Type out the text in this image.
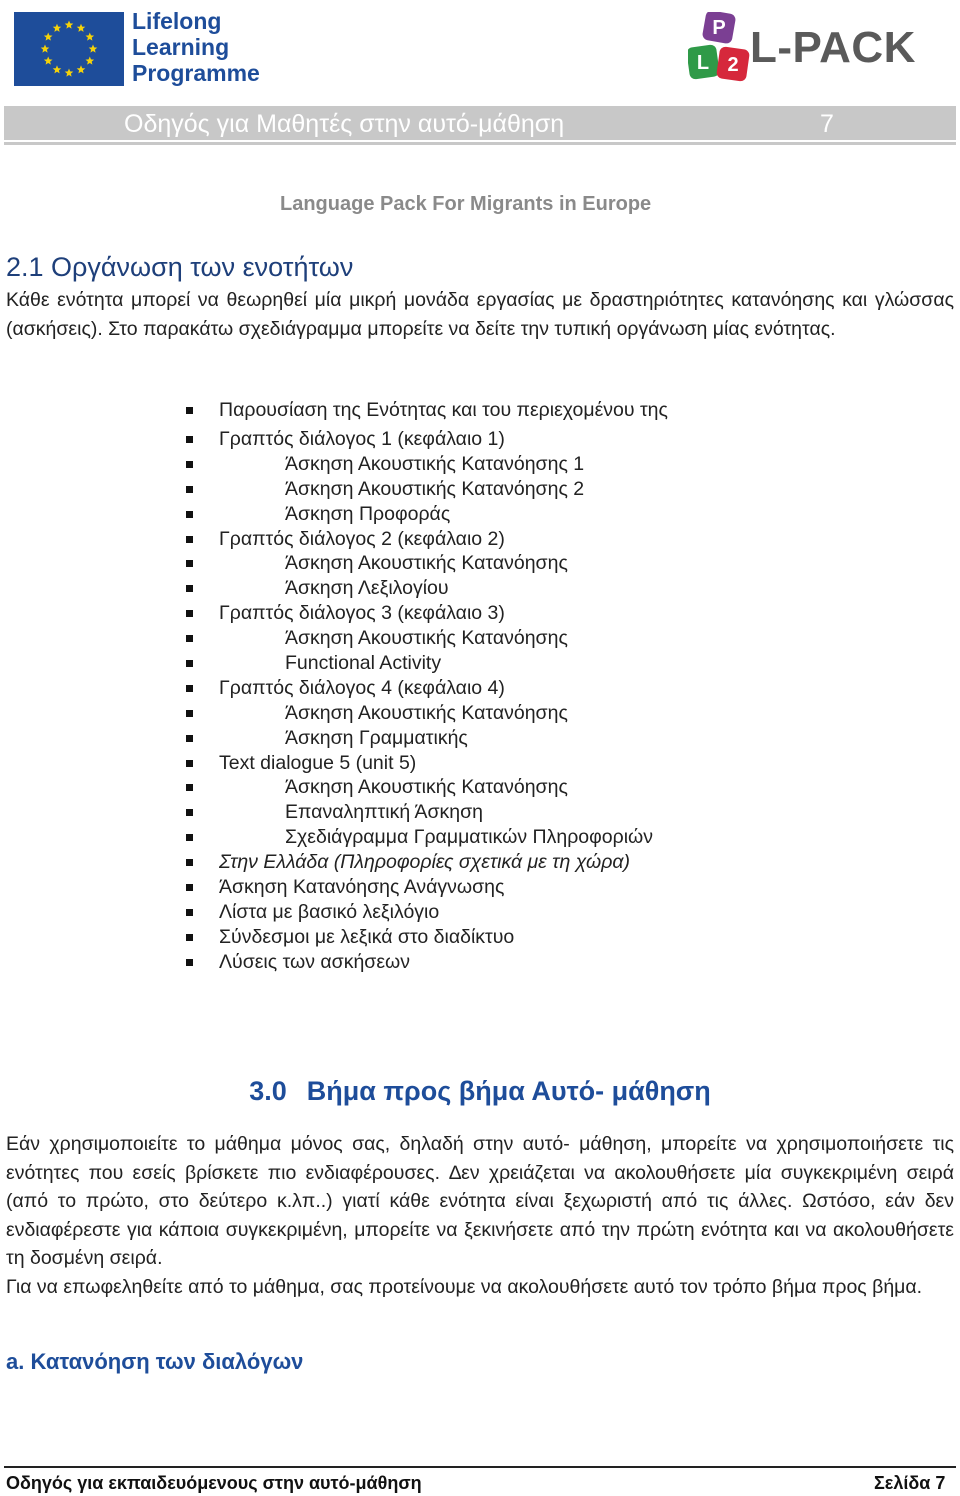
Lifelong
Learning
Programme
P
L 2 L-PACK
Οδηγός για Μαθητές στην αυτό-μάθηση	7
Language Pack For Migrants in Europe
2.1 Οργάνωση των ενοτήτων
Κάθε ενότητα μπορεί να θεωρηθεί μία μικρή μονάδα εργασίας με δραστηριότητες κατανόησης και γλώσσας (ασκήσεις). Στο παρακάτω σχεδιάγραμμα μπορείτε να δείτε την τυπική οργάνωση μίας ενότητας.
Παρουσίαση της Ενότητας και του περιεχομένου της
Γραπτός διάλογος 1 (κεφάλαιο 1)
Άσκηση Ακουστικής Κατανόησης 1
Άσκηση Ακουστικής Κατανόησης 2
Άσκηση Προφοράς
Γραπτός διάλογος 2 (κεφάλαιο 2)
Άσκηση Ακουστικής Κατανόησης
Άσκηση Λεξιλογίου
Γραπτός διάλογος 3 (κεφάλαιο 3)
Άσκηση Ακουστικής Κατανόησης
Functional Activity
Γραπτός διάλογος 4 (κεφάλαιο 4)
Άσκηση Ακουστικής Κατανόησης
Άσκηση Γραμματικής
Text dialogue 5 (unit 5)
Άσκηση Ακουστικής Κατανόησης
Επαναληπτική Άσκηση
Σχεδιάγραμμα Γραμματικών Πληροφοριών
Στην Ελλάδα (Πληροφορίες σχετικά με τη χώρα)
Άσκηση Κατανόησης Ανάγνωσης
Λίστα με βασικό λεξιλόγιο
Σύνδεσμοι με λεξικά στο διαδίκτυο
Λύσεις των ασκήσεων
3.0 Βήμα προς βήμα Αυτό- μάθηση
Εάν χρησιμοποιείτε το μάθημα μόνος σας, δηλαδή στην αυτό- μάθηση, μπορείτε να χρησιμοποιήσετε τις ενότητες που εσείς βρίσκετε πιο ενδιαφέρουσες. ∆εν χρειάζεται να ακολουθήσετε μία συγκεκριμένη σειρά (από το πρώτο, στο δεύτερο κ.λπ..) γιατί κάθε ενότητα είναι ξεχωριστή από τις άλλες. Ωστόσο, εάν δεν ενδιαφέρεστε για κάποια συγκεκριμένη, μπορείτε να ξεκινήσετε από την πρώτη ενότητα και να ακολουθήσετε τη δοσμένη σειρά.
Για να επωφεληθείτε από το μάθημα, σας προτείνουμε να ακολουθήσετε αυτό τον τρόπο βήμα προς βήμα.
a. Κατανόηση των διαλόγων
Οδηγός για εκπαιδευόμενους στην αυτό-μάθηση	Σελίδα 7
